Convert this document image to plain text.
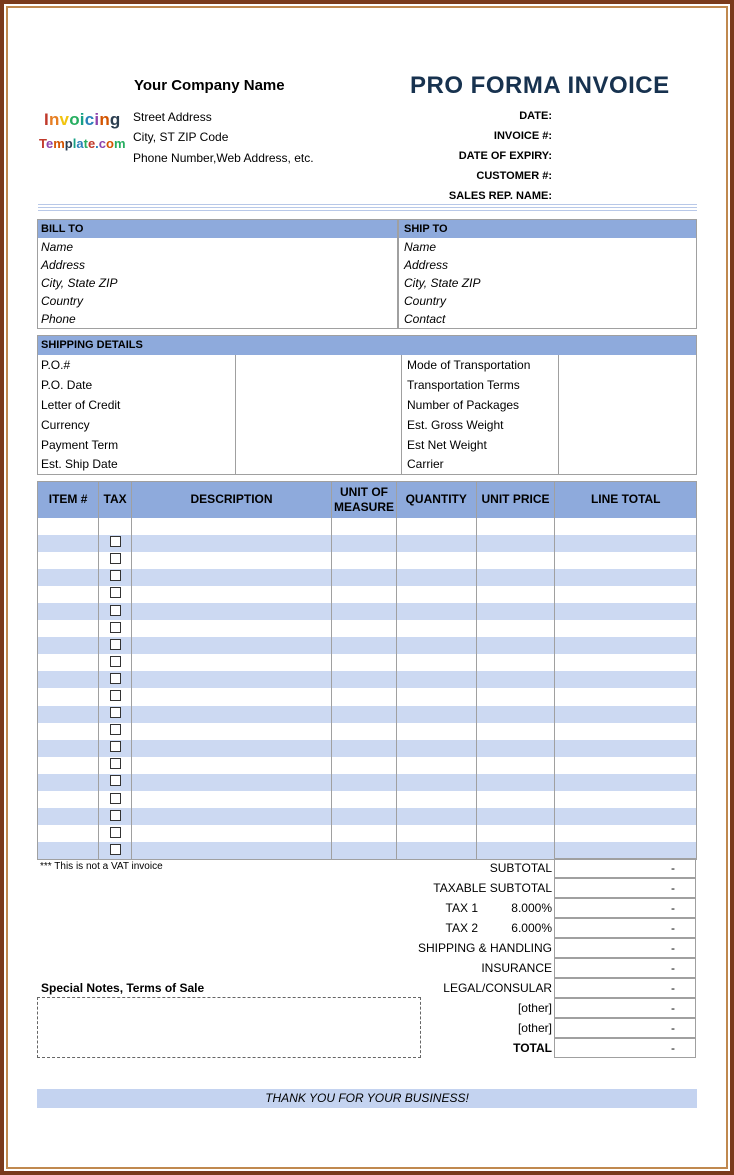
Your Company Name
Street Address
City, ST ZIP Code
Phone Number,Web Address, etc.
Invoicing
Template.com
PRO FORMA INVOICE
DATE:
INVOICE #:
DATE OF EXPIRY:
CUSTOMER #:
SALES REP. NAME:
BILL TO
Name
Address
City, State ZIP
Country
Phone
SHIP TO
Name
Address
City, State ZIP
Country
Contact
SHIPPING DETAILS			
P.O.#		Mode of Transportation	
P.O. Date		Transportation Terms	
Letter of Credit		Number of Packages	
Currency		Est. Gross Weight	
Payment Term		Est Net Weight	
Est. Ship Date		Carrier	
ITEM #	TAX	DESCRIPTION	UNIT OF MEASURE	QUANTITY	UNIT PRICE	LINE TOTAL

*** This is not a VAT invoice	SUBTOTAL	-
TAXABLE SUBTOTAL	-
TAX 1	8.000%	-
TAX 2	6.000%	-
SHIPPING & HANDLING	-
INSURANCE	-
LEGAL/CONSULAR	-
[other]	-
[other]	-
TOTAL	-
Special Notes, Terms of Sale
THANK YOU FOR YOUR BUSINESS!
